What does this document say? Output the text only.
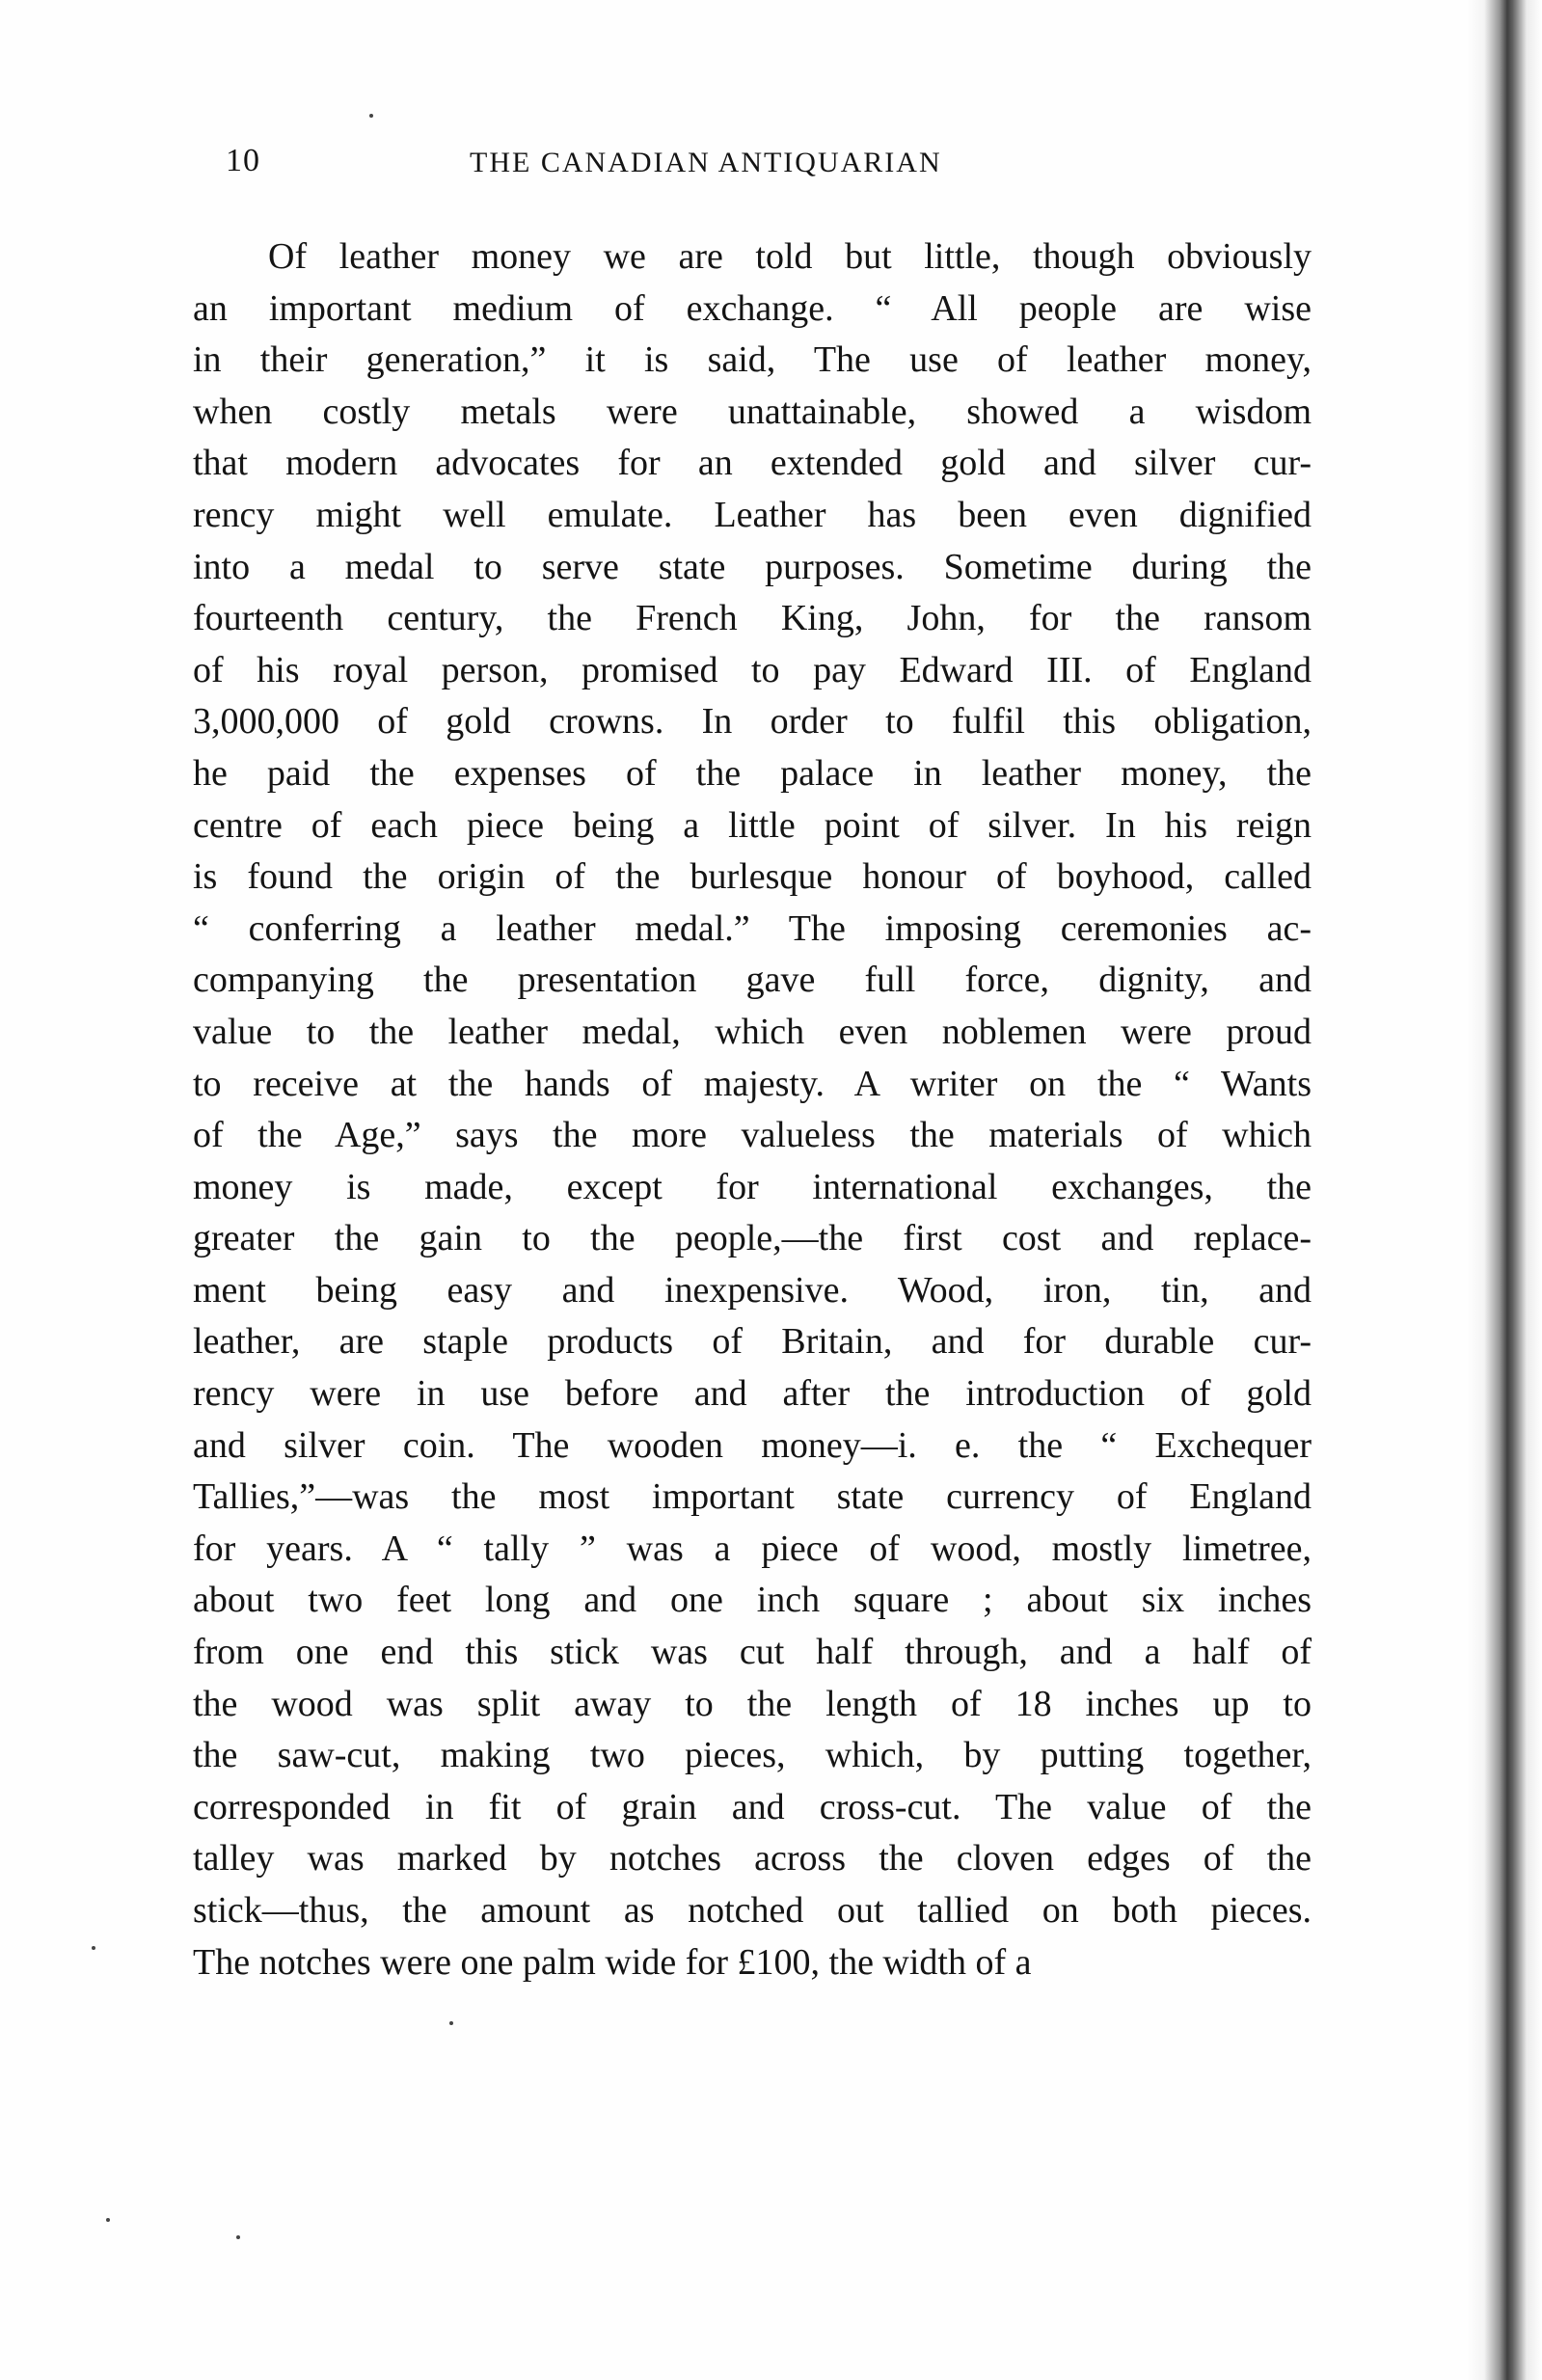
10	THE CANADIAN ANTIQUARIAN
Of leather money we are told but little, though obviously
an important medium of exchange. “ All people are wise
in their generation,” it is said, The use of leather money,
when costly metals were unattainable, showed a wisdom
that modern advocates for an extended gold and silver cur-
rency might well emulate. Leather has been even dignified
into a medal to serve state purposes. Sometime during the
fourteenth century, the French King, John, for the ransom
of his royal person, promised to pay Edward III. of England
3,000,000 of gold crowns. In order to fulfil this obligation,
he paid the expenses of the palace in leather money, the
centre of each piece being a little point of silver. In his reign
is found the origin of the burlesque honour of boyhood, called
“ conferring a leather medal.” The imposing ceremonies ac-
companying the presentation gave full force, dignity, and
value to the leather medal, which even noblemen were proud
to receive at the hands of majesty. A writer on the “ Wants
of the Age,” says the more valueless the materials of which
money is made, except for international exchanges, the
greater the gain to the people,—the first cost and replace-
ment being easy and inexpensive. Wood, iron, tin, and
leather, are staple products of Britain, and for durable cur-
rency were in use before and after the introduction of gold
and silver coin. The wooden money—i. e. the “ Exchequer
Tallies,”—was the most important state currency of England
for years. A “ tally ” was a piece of wood, mostly limetree,
about two feet long and one inch square ; about six inches
from one end this stick was cut half through, and a half of
the wood was split away to the length of 18 inches up to
the saw-cut, making two pieces, which, by putting together,
corresponded in fit of grain and cross-cut. The value of the
talley was marked by notches across the cloven edges of the
stick—thus, the amount as notched out tallied on both pieces.
The notches were one palm wide for £100, the width of a
